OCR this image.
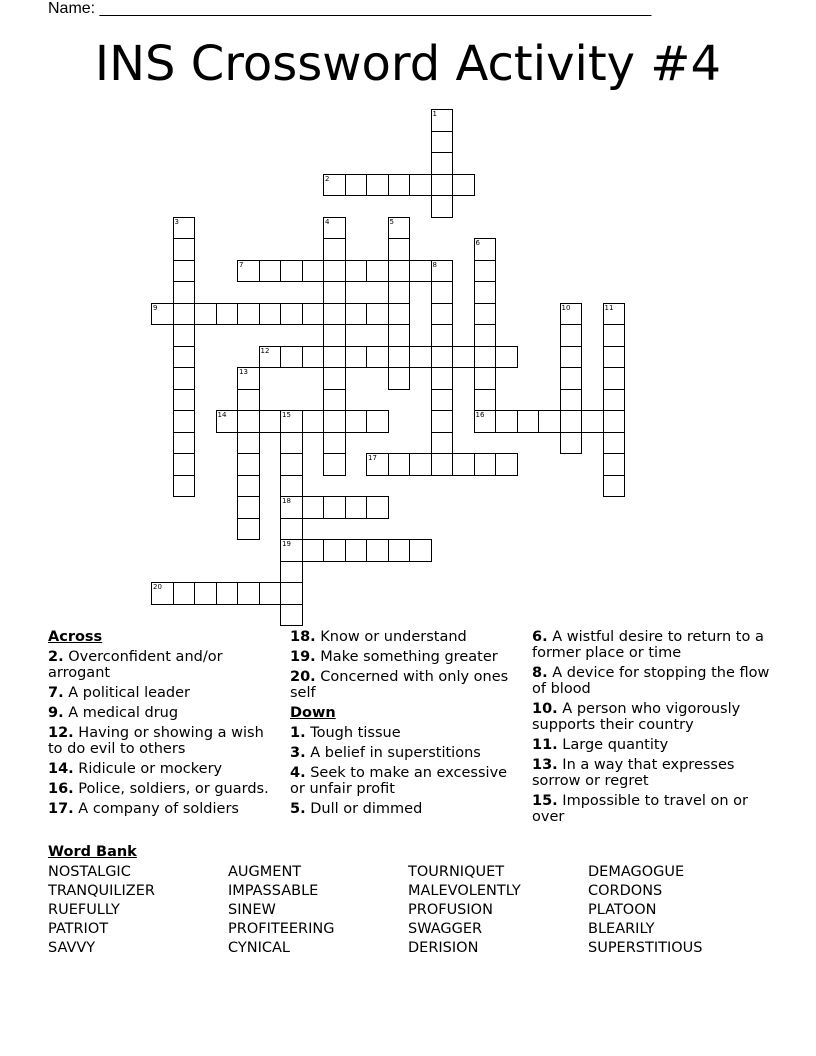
Name: ______________________________________________________________
INS Crossword Activity #4
1
2
3	4	5
6
7	8
9	10	11
12
13
14	15
18
19
16
17
20
Across
2. Overconfident and/or arrogant
7. A political leader
9. A medical drug
12. Having or showing a wish to do evil to others
14. Ridicule or mockery
16. Police, soldiers, or guards.
17. A company of soldiers
18. Know or understand
19. Make something greater
20. Concerned with only ones self
Down
1. Tough tissue
3. A belief in superstitions
4. Seek to make an excessive or unfair profit
5. Dull or dimmed
6. A wistful desire to return to a former place or time
8. A device for stopping the flow of blood
10. A person who vigorously supports their country
11. Large quantity
13. In a way that expresses sorrow or regret
15. Impossible to travel on or over
Word Bank
NOSTALGIC
TRANQUILIZER
RUEFULLY
PATRIOT
SAVVY
AUGMENT
IMPASSABLE
SINEW
PROFITEERING
CYNICAL
TOURNIQUET
MALEVOLENTLY
PROFUSION
SWAGGER
DERISION
DEMAGOGUE
CORDONS
PLATOON
BLEARILY
SUPERSTITIOUS
